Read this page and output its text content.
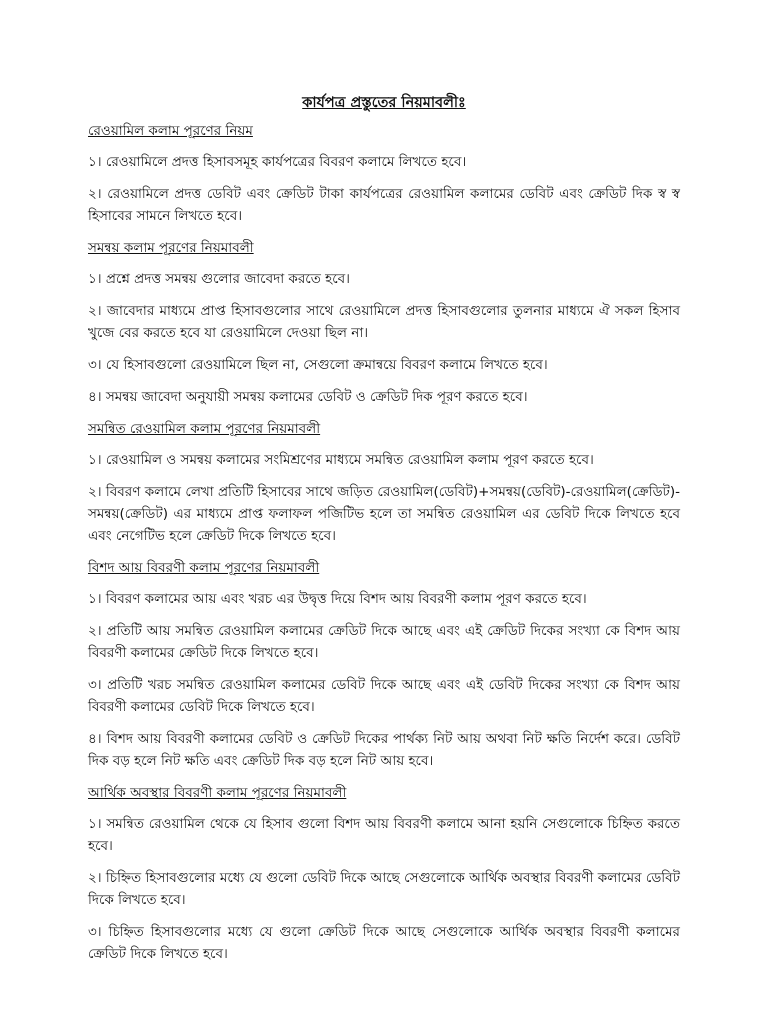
কার্যপত্র প্রস্তুতের নিয়মাবলীঃ
রেওয়ামিল কলাম পূরণের নিয়ম

১। রেওয়ামিলে প্রদত্ত হিসাবসমূহ কার্যপত্রের বিবরণ কলামে লিখতে হবে।

২। রেওয়ামিলে প্রদত্ত ডেবিট এবং ক্রেডিট টাকা কার্যপত্রের রেওয়ামিল কলামের ডেবিট এবং ক্রেডিট দিক স্ব স্ব হিসাবের সামনে লিখতে হবে।

সমন্বয় কলাম পূরণের নিয়মাবলী

১। প্রশ্নে প্রদত্ত সমন্বয় গুলোর জাবেদা করতে হবে।

২। জাবেদার মাধ্যমে প্রাপ্ত হিসাবগুলোর সাথে রেওয়ামিলে প্রদত্ত হিসাবগুলোর তুলনার মাধ্যমে ঐ সকল হিসাব খুজে বের করতে হবে যা রেওয়ামিলে দেওয়া ছিল না।

৩। যে হিসাবগুলো রেওয়ামিলে ছিল না, সেগুলো ক্রমান্বয়ে বিবরণ কলামে লিখতে হবে।

৪। সমন্বয় জাবেদা অনুযায়ী সমন্বয় কলামের ডেবিট ও ক্রেডিট দিক পূরণ করতে হবে।

সমন্বিত রেওয়ামিল কলাম পূরণের নিয়মাবলী

১। রেওয়ামিল ও সমন্বয় কলামের সংমিশ্রণের মাধ্যমে সমন্বিত রেওয়ামিল কলাম পূরণ করতে হবে।

২। বিবরণ কলামে লেখা প্রতিটি হিসাবের সাথে জড়িত রেওয়ামিল(ডেবিট)+সমন্বয়(ডেবিট)-রেওয়ামিল(ক্রেডিট)-সমন্বয়(ক্রেডিট) এর মাধ্যমে প্রাপ্ত ফলাফল পজিটিভ হলে তা সমন্বিত রেওয়ামিল এর ডেবিট দিকে লিখতে হবে এবং নেগেটিভ হলে ক্রেডিট দিকে লিখতে হবে।

বিশদ আয় বিবরণী কলাম পূরণের নিয়মাবলী

১। বিবরণ কলামের আয় এবং খরচ এর উদ্বৃত্ত দিয়ে বিশদ আয় বিবরণী কলাম পূরণ করতে হবে।

২। প্রতিটি আয় সমন্বিত রেওয়ামিল কলামের ক্রেডিট দিকে আছে এবং এই ক্রেডিট দিকের সংখ্যা কে বিশদ আয় বিবরণী কলামের ক্রেডিট দিকে লিখতে হবে।

৩। প্রতিটি খরচ সমন্বিত রেওয়ামিল কলামের ডেবিট দিকে আছে এবং এই ডেবিট দিকের সংখ্যা কে বিশদ আয় বিবরণী কলামের ডেবিট দিকে লিখতে হবে।

৪। বিশদ আয় বিবরণী কলামের ডেবিট ও ক্রেডিট দিকের পার্থক্য নিট আয় অথবা নিট ক্ষতি নির্দেশ করে। ডেবিট দিক বড় হলে নিট ক্ষতি এবং ক্রেডিট দিক বড় হলে নিট আয় হবে।

আর্থিক অবস্থার বিবরণী কলাম পূরণের নিয়মাবলী

১। সমন্বিত রেওয়ামিল থেকে যে হিসাব গুলো বিশদ আয় বিবরণী কলামে আনা হয়নি সেগুলোকে চিহ্নিত করতে হবে।

২। চিহ্নিত হিসাবগুলোর মধ্যে যে গুলো ডেবিট দিকে আছে সেগুলোকে আর্থিক অবস্থার বিবরণী কলামের ডেবিট দিকে লিখতে হবে।

৩। চিহ্নিত হিসাবগুলোর মধ্যে যে গুলো ক্রেডিট দিকে আছে সেগুলোকে আর্থিক অবস্থার বিবরণী কলামের ক্রেডিট দিকে লিখতে হবে।
